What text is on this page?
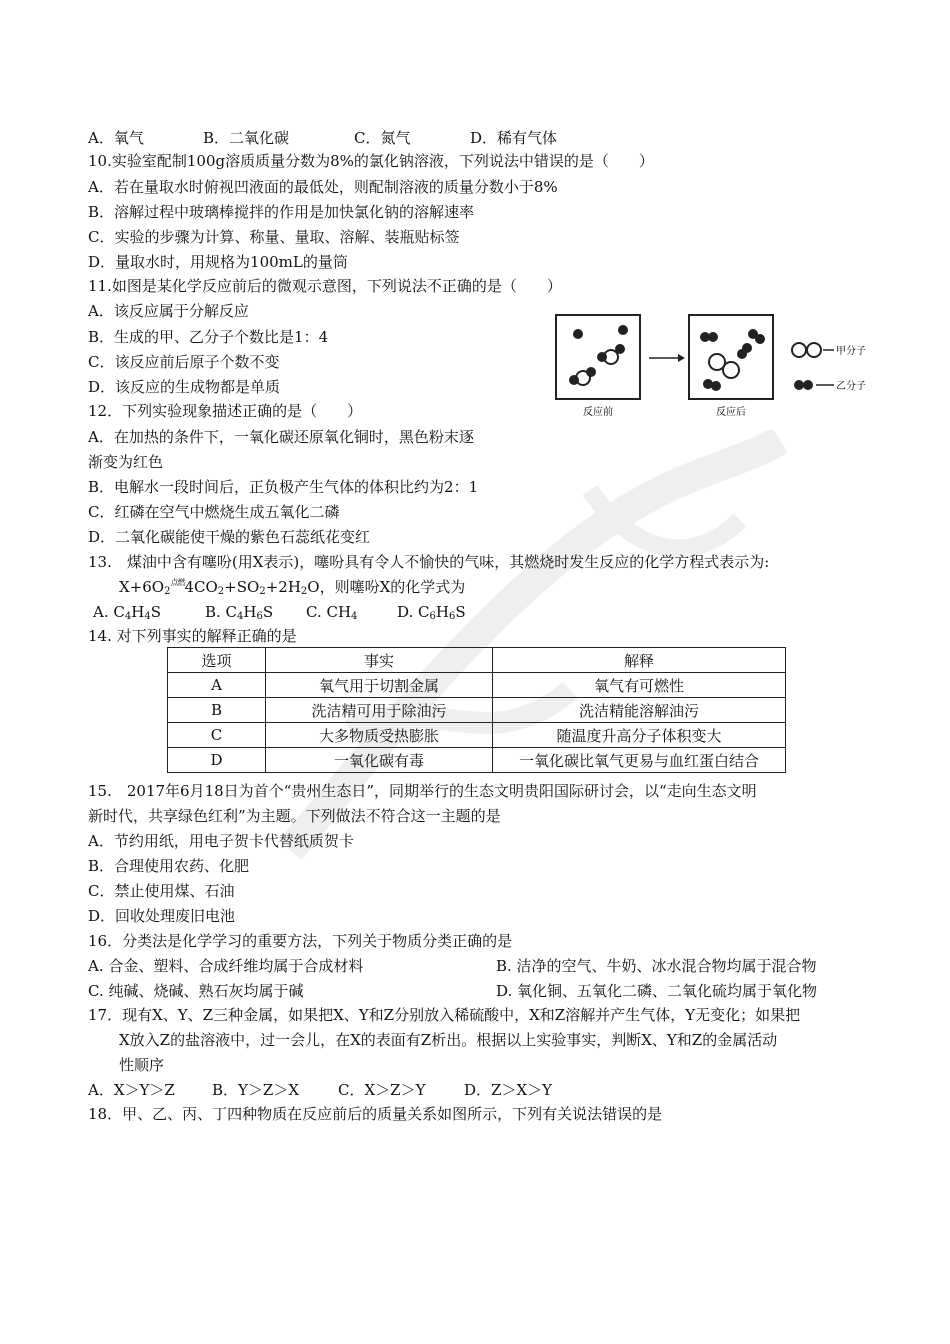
A．氧气	B．二氧化碳	C．氮气	D．稀有气体
10.实验室配制100g溶质质量分数为8%的氯化钠溶液，下列说法中错误的是（　　）
A．若在量取水时俯视凹液面的最低处，则配制溶液的质量分数小于8%
B．溶解过程中玻璃棒搅拌的作用是加快氯化钠的溶解速率
C．实验的步骤为计算、称量、量取、溶解、装瓶贴标签
D．量取水时，用规格为100mL的量筒
11.如图是某化学反应前后的微观示意图，下列说法不正确的是（　　）
A．该反应属于分解反应
B．生成的甲、乙分子个数比是1：4
C．该反应前后原子个数不变
D．该反应的生成物都是单质
反应前	反应后
甲分子
乙分子
12．下列实验现象描述正确的是（　　）
A．在加热的条件下，一氧化碳还原氧化铜时，黑色粉末逐
渐变为红色
B．电解水一段时间后，正负极产生气体的体积比约为2：1
C．红磷在空气中燃烧生成五氧化二磷
D．二氧化碳能使干燥的紫色石蕊纸花变红
13.　煤油中含有噻吩(用X表示)，噻吩具有令人不愉快的气味，其燃烧时发生反应的化学方程式表示为:
$X+6O_2^{点燃}4CO_2+SO_2+2H_2O$，则噻吩X的化学式为
A. $C_4H_4S$	B. $C_4H_6S$ C. $CH_4$	D. $C_6H_6S$
14. 对下列事实的解释正确的是
选项	事实	解释
A	氧气用于切割金属	氧气有可燃性
B	洗洁精可用于除油污	洗洁精能溶解油污
C	大多物质受热膨胀	随温度升高分子体积变大
D	一氧化碳有毒	一氧化碳比氧气更易与血红蛋白结合
15.　2017年6月18日为首个“贵州生态日”，同期举行的生态文明贵阳国际研讨会，以“走向生态文明
新时代，共享绿色红利”为主题。下列做法不符合这一主题的是
A．节约用纸，用电子贺卡代替纸质贺卡
B．合理使用农药、化肥
C．禁止使用煤、石油
D．回收处理废旧电池
16．分类法是化学学习的重要方法，下列关于物质分类正确的是
A. 合金、塑料、合成纤维均属于合成材料	B. 洁净的空气、牛奶、冰水混合物均属于混合物
C. 纯碱、烧碱、熟石灰均属于碱	D. 氧化铜、五氧化二磷、二氧化硫均属于氧化物
17．现有X、Y、Z三种金属，如果把X、Y和Z分别放入稀硫酸中，X和Z溶解并产生气体，Y无变化；如果把
X放入Z的盐溶液中，过一会儿，在X的表面有Z析出。根据以上实验事实，判断X、Y和Z的金属活动
性顺序
A．X＞Y＞Z B．Y＞Z＞X	C．X＞Z＞Y	D．Z＞X＞Y
18．甲、乙、丙、丁四种物质在反应前后的质量关系如图所示，下列有关说法错误的是
